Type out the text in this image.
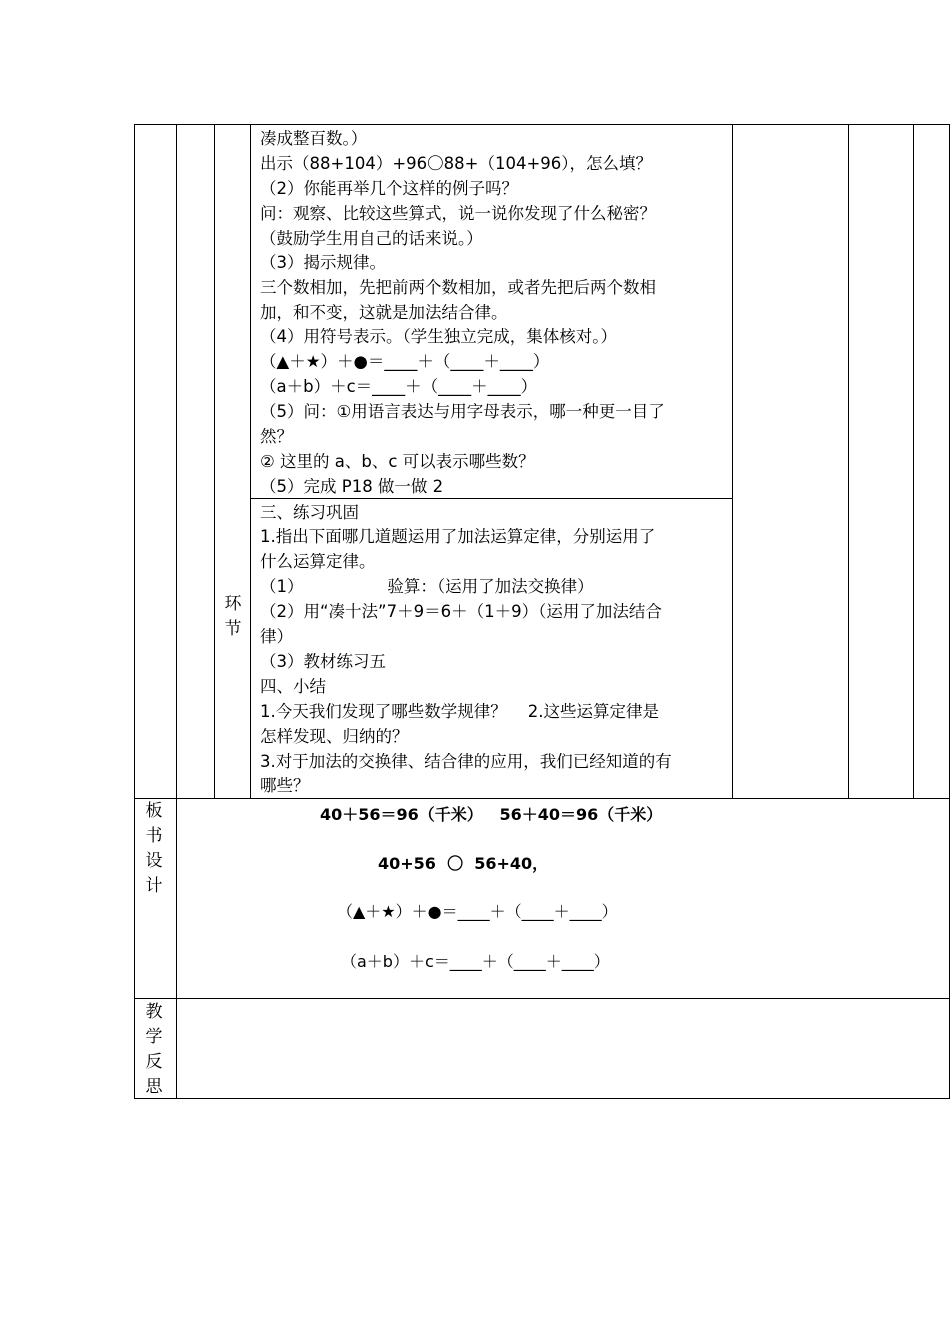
凑成整百数。）
出示（88+104）+96〇88+（104+96），怎么填？
（2）你能再举几个这样的例子吗？
问：观察、比较这些算式，说一说你发现了什么秘密？
（鼓励学生用自己的话来说。）
（3）揭示规律。
三个数相加，先把前两个数相加，或者先把后两个数相
加，和不变，这就是加法结合律。
（4）用符号表示。（学生独立完成，集体核对。）
（▲＋★）＋●＝____＋（____＋____）
（a＋b）＋c＝____＋（____＋____）
（5）问：①用语言表达与用字母表示，哪一种更一目了
然？
② 这里的 a、b、c 可以表示哪些数？
（5）完成 P18 做一做 2
环
节
三、练习巩固
1.指出下面哪几道题运用了加法运算定律，分别运用了
什么运算定律。
（1）                验算：（运用了加法交换律）
（2）用“凑十法”7＋9＝6＋（1＋9）（运用了加法结合
律）
（3）教材练习五
四、小结
1.今天我们发现了哪些数学规律？    2.这些运算定律是
怎样发现、归纳的？
3.对于加法的交换律、结合律的应用，我们已经知道的有
哪些？
板
书
设
计
40＋56＝96（千米）   56＋40＝96（千米）
40+56  〇  56+40，
（▲＋★）＋●＝____＋（____＋____）
（a＋b）＋c＝____＋（____＋____）
教
学
反
思
